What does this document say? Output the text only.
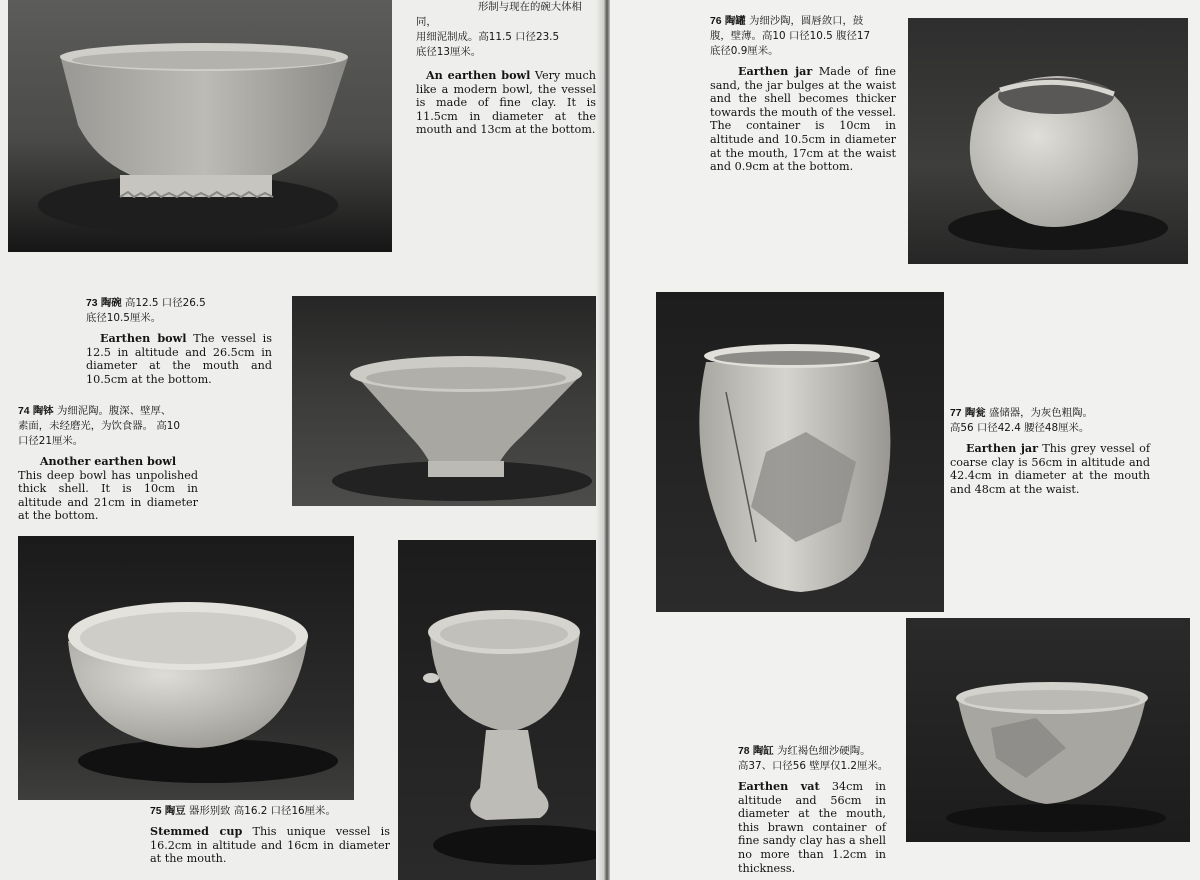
形制与现在的碗大体相同，

用细泥制成。高11.5 口径23.5

底径13厘米。

An earthen bowl Very much like a modern bowl, the vessel is made of fine clay. It is 11.5cm in diameter at the mouth and 13cm at the bottom.

73 陶碗 高12.5 口径26.5

底径10.5厘米。

Earthen bowl The vessel is 12.5 in altitude and 26.5cm in diameter at the mouth and 10.5cm at the bottom.

74 陶钵 为细泥陶。腹深、壁厚、

素面，未经磨光，为饮食器。 高10

口径21厘米。

Another earthen bowl

This deep bowl has unpolished thick shell. It is 10cm in altitude and 21cm in diameter at the bottom.

75 陶豆 器形别致 高16.2 口径16厘米。

Stemmed cup This unique vessel is 16.2cm in altitude and 16cm in diameter at the mouth.

76 陶罐 为细沙陶，圆唇敛口，鼓

腹，壁薄。高10 口径10.5 腹径17

底径0.9厘米。

Earthen jar Made of fine sand, the jar bulges at the waist and the shell becomes thicker towards the mouth of the vessel. The container is 10cm in altitude and 10.5cm in diameter at the mouth, 17cm at the waist and 0.9cm at the bottom.

77 陶瓮 盛储器，为灰色粗陶。

高56 口径42.4 腰径48厘米。

Earthen jar This grey vessel of coarse clay is 56cm in altitude and 42.4cm in diameter at the mouth and 48cm at the waist.

78 陶缸 为红褐色细沙硬陶。

高37、口径56 壁厚仅1.2厘米。

Earthen vat 34cm in altitude and 56cm in diameter at the mouth, this brawn container of fine sandy clay has a shell no more than 1.2cm in thickness.
